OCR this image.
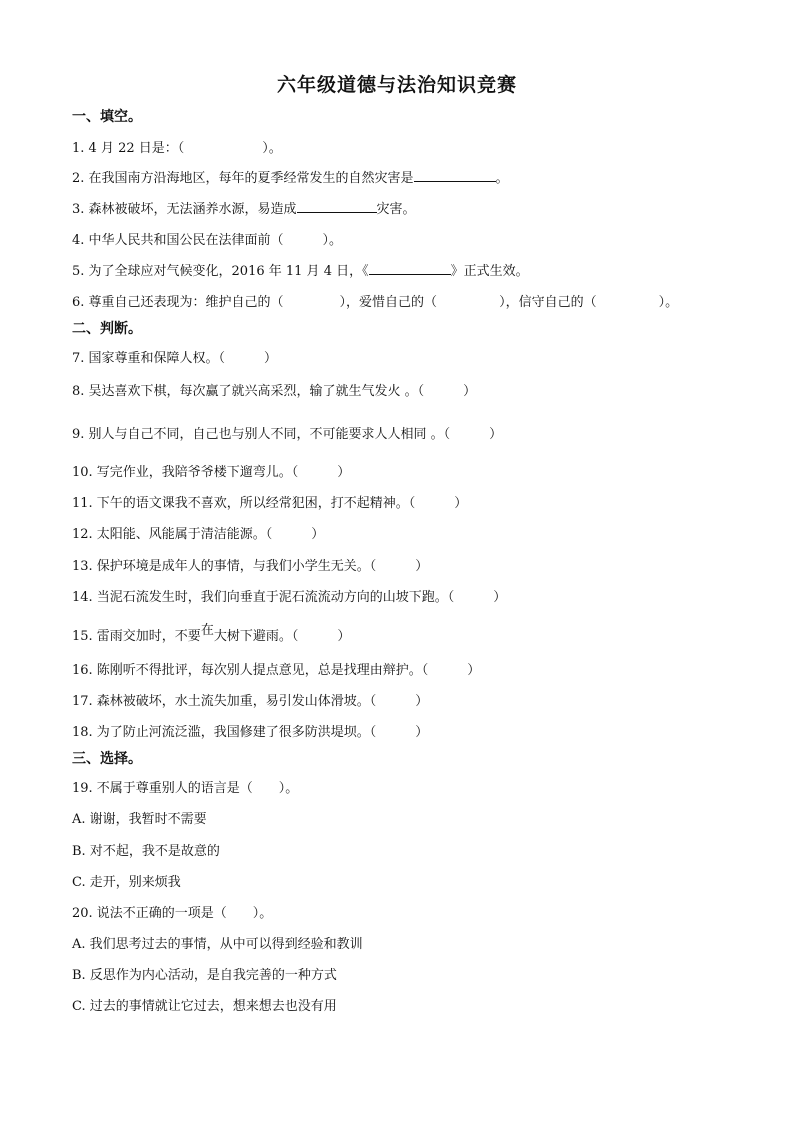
六年级道德与法治知识竞赛
一、填空。
1. 4 月 22 日是：（	）。
2. 在我国南方沿海地区，每年的夏季经常发生的自然灾害是	。
3. 森林被破坏，无法涵养水源，易造成	灾害。
4. 中华人民共和国公民在法律面前（　　　）。
5. 为了全球应对气候变化，2016 年 11 月 4 日，《	》正式生效。
6. 尊重自己还表现为：维护自己的（	），爱惜自己的（	），信守自己的（	）。
二、判断。
7. 国家尊重和保障人权。（　　　）
8. 吴达喜欢下棋，每次赢了就兴高采烈，输了就生气发火 。（　　　）
9. 别人与自己不同，自己也与别人不同，不可能要求人人相同 。（　　　）
10. 写完作业，我陪爷爷楼下遛弯儿。（　　　）
11. 下午的语文课我不喜欢，所以经常犯困，打不起精神。（　　　）
12. 太阳能、风能属于清洁能源。（　　　）
13. 保护环境是成年人的事情，与我们小学生无关。（　　　）
14. 当泥石流发生时，我们向垂直于泥石流流动方向的山坡下跑。（　　　）
15. 雷雨交加时，不要在大树下避雨。（　　　）
16. 陈刚听不得批评，每次别人提点意见，总是找理由辩护。（　　　）
17. 森林被破坏，水土流失加重，易引发山体滑坡。（　　　）
18. 为了防止河流泛滥，我国修建了很多防洪堤坝。（　　　）
三、选择。
19. 不属于尊重别人的语言是（　　）。
A. 谢谢，我暂时不需要
B. 对不起，我不是故意的
C. 走开，别来烦我
20. 说法不正确的一项是（　　）。
A. 我们思考过去的事情，从中可以得到经验和教训
B. 反思作为内心活动，是自我完善的一种方式
C. 过去的事情就让它过去，想来想去也没有用
